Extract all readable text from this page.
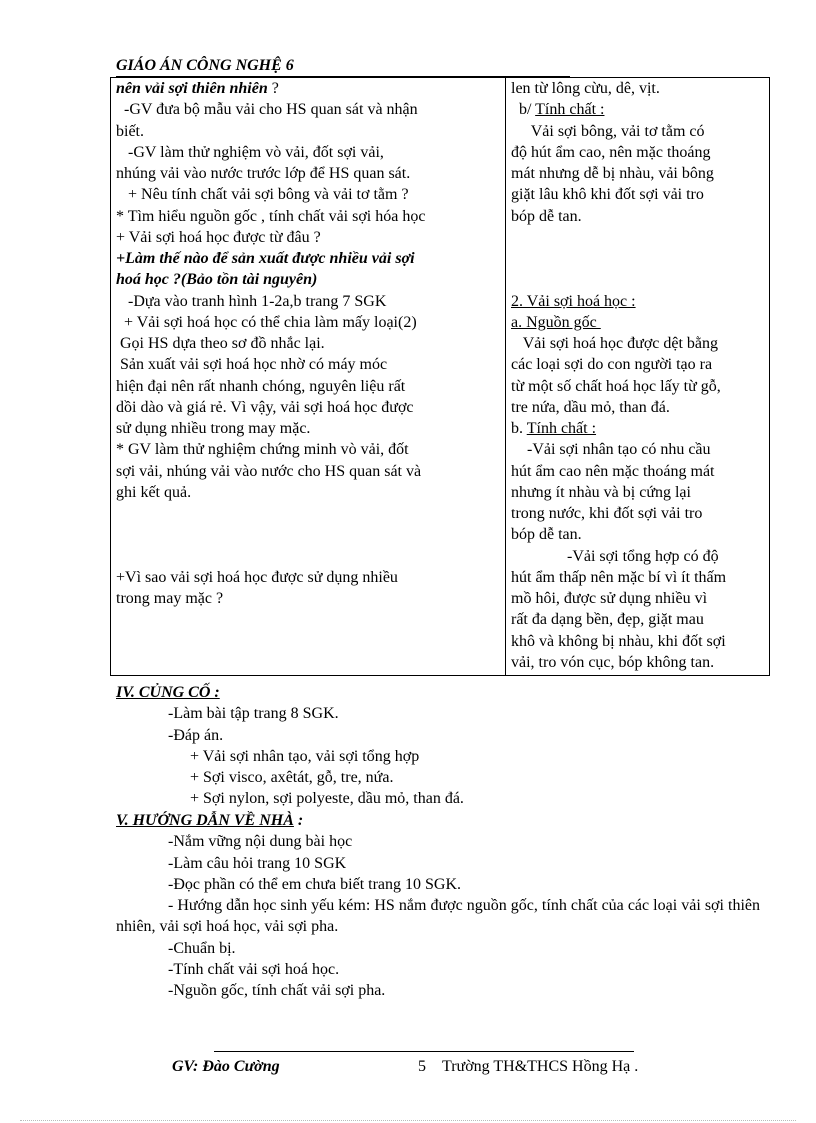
GIÁO ÁN CÔNG NGHỆ 6
nên vải sợi thiên nhiên ?
-GV đưa bộ mẫu vải cho HS quan sát và nhận
biết.
-GV làm thử nghiệm vò vải, đốt sợi vải,
nhúng vải vào nước trước lớp để HS quan sát.
+ Nêu tính chất vải sợi bông và vải tơ tằm ?
* Tìm hiểu nguồn gốc , tính chất vải sợi hóa học
+ Vải sợi hoá học được từ đâu ?
+Làm thế nào để sản xuất được nhiều vải sợi
hoá học ?(Bảo tồn tài nguyên)
-Dựa vào tranh hình 1-2a,b trang 7 SGK
+ Vải sợi hoá học có thể chia làm mấy loại(2)
Gọi HS dựa theo sơ đồ nhắc lại.
Sản xuất vải sợi hoá học nhờ có máy móc
hiện đại nên rất nhanh chóng, nguyên liệu rất
dồi dào và giá rẻ. Vì vậy, vải sợi hoá học được
sử dụng nhiều trong may mặc.
* GV làm thử nghiệm chứng minh vò vải, đốt
sợi vải, nhúng vải vào nước cho HS quan sát và
ghi kết quả.
+Vì sao vải sợi hoá học được sử dụng nhiều
trong may mặc ?

len từ lông cừu, dê, vịt.
b/ Tính chất :
Vải sợi bông, vải tơ tằm có
độ hút ẩm cao, nên mặc thoáng
mát nhưng dễ bị nhàu, vải bông
giặt lâu khô khi đốt sợi vải tro
bóp dễ tan.
2. Vải sợi hoá học :
a. Nguồn gốc
Vải sợi hoá học được dệt bằng
các loại sợi do con người tạo ra
từ một số chất hoá học lấy từ gỗ,
tre nứa, dầu mỏ, than đá.
b. Tính chất :
-Vải sợi nhân tạo có nhu cầu
hút ẩm cao nên mặc thoáng mát
nhưng ít nhàu và bị cứng lại
trong nước, khi đốt sợi vải tro
bóp dễ tan.
-Vải sợi tổng hợp có độ
hút ẩm thấp nên mặc bí vì ít thấm
mồ hôi, được sử dụng nhiều vì
rất đa dạng bền, đẹp, giặt mau
khô và không bị nhàu, khi đốt sợi
vải, tro vón cục, bóp không tan.
IV. CỦNG CỐ :
-Làm bài tập trang 8 SGK.
-Đáp án.
+ Vải sợi nhân tạo, vải sợi tổng hợp
+ Sợi visco, axêtát, gỗ, tre, nứa.
+ Sợi nylon, sợi polyeste, dầu mỏ, than đá.
V. HƯỚNG DẪN VỀ NHÀ :
-Nắm vững nội dung bài học
-Làm câu hỏi trang 10 SGK
-Đọc phần có thể em chưa biết trang 10 SGK.
- Hướng dẫn học sinh yếu kém: HS nắm được nguồn gốc, tính chất của các loại vải sợi thiên nhiên, vải sợi hoá học, vải sợi pha.
-Chuẩn bị.
-Tính chất vải sợi hoá học.
-Nguồn gốc, tính chất vải sợi pha.
GV: Đào Cường	5 Trường TH&THCS Hồng Hạ .
